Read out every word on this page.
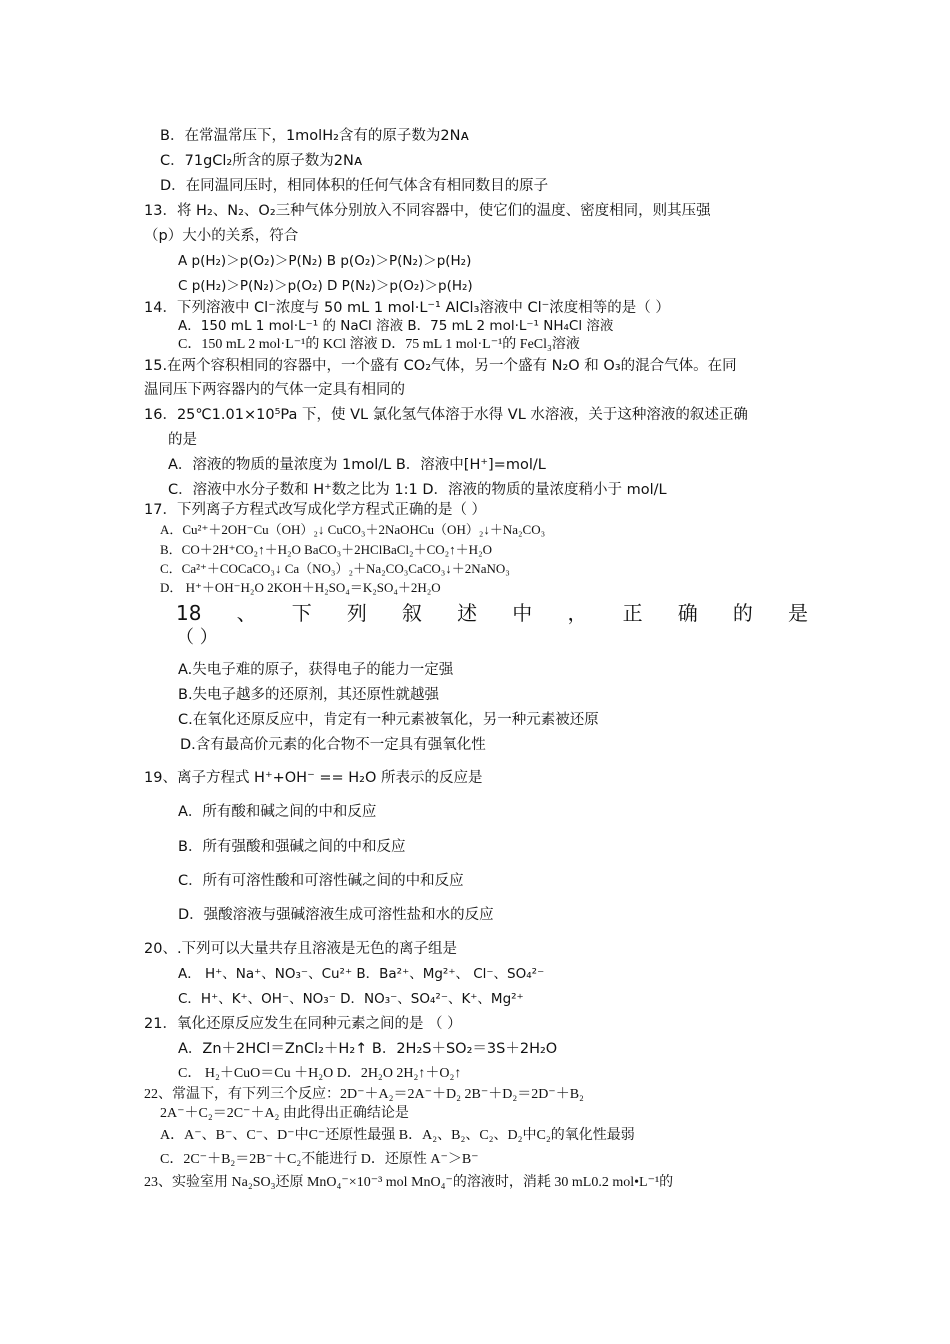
B．在常温常压下，1molH₂含有的原子数为2Nᴀ
C．71gCl₂所含的原子数为2Nᴀ
D．在同温同压时，相同体积的任何气体含有相同数目的原子
13．将 H₂、N₂、O₂三种气体分别放入不同容器中，使它们的温度、密度相同，则其压强
（p）大小的关系，符合
A p(H₂)＞p(O₂)＞P(N₂) B p(O₂)＞P(N₂)＞p(H₂)
C p(H₂)＞P(N₂)＞p(O₂) D P(N₂)＞p(O₂)＞p(H₂)
14．下列溶液中 Cl⁻浓度与 50 mL 1 mol·L⁻¹ AlCl₃溶液中 Cl⁻浓度相等的是（ ）
A．150 mL 1 mol·L⁻¹ 的 NaCl 溶液 B．75 mL 2 mol·L⁻¹ NH₄Cl 溶液
C．150 mL 2 mol·L⁻¹的 KCl 溶液 D．75 mL 1 mol·L⁻¹的 FeCl₃溶液
15.在两个容积相同的容器中，一个盛有 CO₂气体，另一个盛有 N₂O 和 O₃的混合气体。在同
温同压下两容器内的气体一定具有相同的
16．25℃1.01×10⁵Pa 下，使 VL 氯化氢气体溶于水得 VL 水溶液，关于这种溶液的叙述正确
的是
A．溶液的物质的量浓度为 1mol/L B．溶液中[H⁺]=mol/L
C．溶液中水分子数和 H⁺数之比为 1:1 D．溶液的物质的量浓度稍小于 mol/L
17．下列离子方程式改写成化学方程式正确的是（ ）
A．Cu²⁺＋2OH⁻Cu（OH）₂↓ CuCO₃＋2NaOHCu（OH）₂↓＋Na₂CO₃
B．CO＋2H⁺CO₂↑＋H₂O BaCO₃＋2HClBaCl₂＋CO₂↑＋H₂O
C．Ca²⁺＋COCaCO₃↓ Ca（NO₃）₂＋Na₂CO₃CaCO₃↓＋2NaNO₃
D． H⁺＋OH⁻H₂O 2KOH＋H₂SO₄＝K₂SO₄＋2H₂O
18 、 下 列 叙 述 中 ， 正 确 的 是
（ ）
A.失电子难的原子，获得电子的能力一定强
B.失电子越多的还原剂，其还原性就越强
C.在氧化还原反应中，肯定有一种元素被氧化，另一种元素被还原
D.含有最高价元素的化合物不一定具有强氧化性
19、离子方程式 H⁺+OH⁻ == H₂O 所表示的反应是
A．所有酸和碱之间的中和反应
B．所有强酸和强碱之间的中和反应
C．所有可溶性酸和可溶性碱之间的中和反应
D．强酸溶液与强碱溶液生成可溶性盐和水的反应
20、.下列可以大量共存且溶液是无色的离子组是
A． H⁺、Na⁺、NO₃⁻、Cu²⁺ B．Ba²⁺、Mg²⁺、 Cl⁻、SO₄²⁻
C．H⁺、K⁺、OH⁻、NO₃⁻ D．NO₃⁻、SO₄²⁻、K⁺、Mg²⁺
21．氧化还原反应发生在同种元素之间的是 （ ）
A．Zn＋2HCl＝ZnCl₂＋H₂↑ B．2H₂S＋SO₂＝3S＋2H₂O
C． H₂＋CuO＝Cu ＋H₂O D．2H₂O 2H₂↑＋O₂↑
22、常温下，有下列三个反应：2D⁻＋A₂＝2A⁻＋D₂ 2B⁻＋D₂＝2D⁻＋B₂
2A⁻＋C₂＝2C⁻＋A₂ 由此得出正确结论是
A．A⁻、B⁻、C⁻、D⁻中C⁻还原性最强 B．A₂、B₂、C₂、D₂中C₂的氧化性最弱
C．2C⁻＋B₂＝2B⁻＋C₂不能进行 D．还原性 A⁻＞B⁻
23、实验室用 Na₂SO₃还原 MnO₄⁻×10⁻³ mol MnO₄⁻的溶液时，消耗 30 mL0.2 mol•L⁻¹的
